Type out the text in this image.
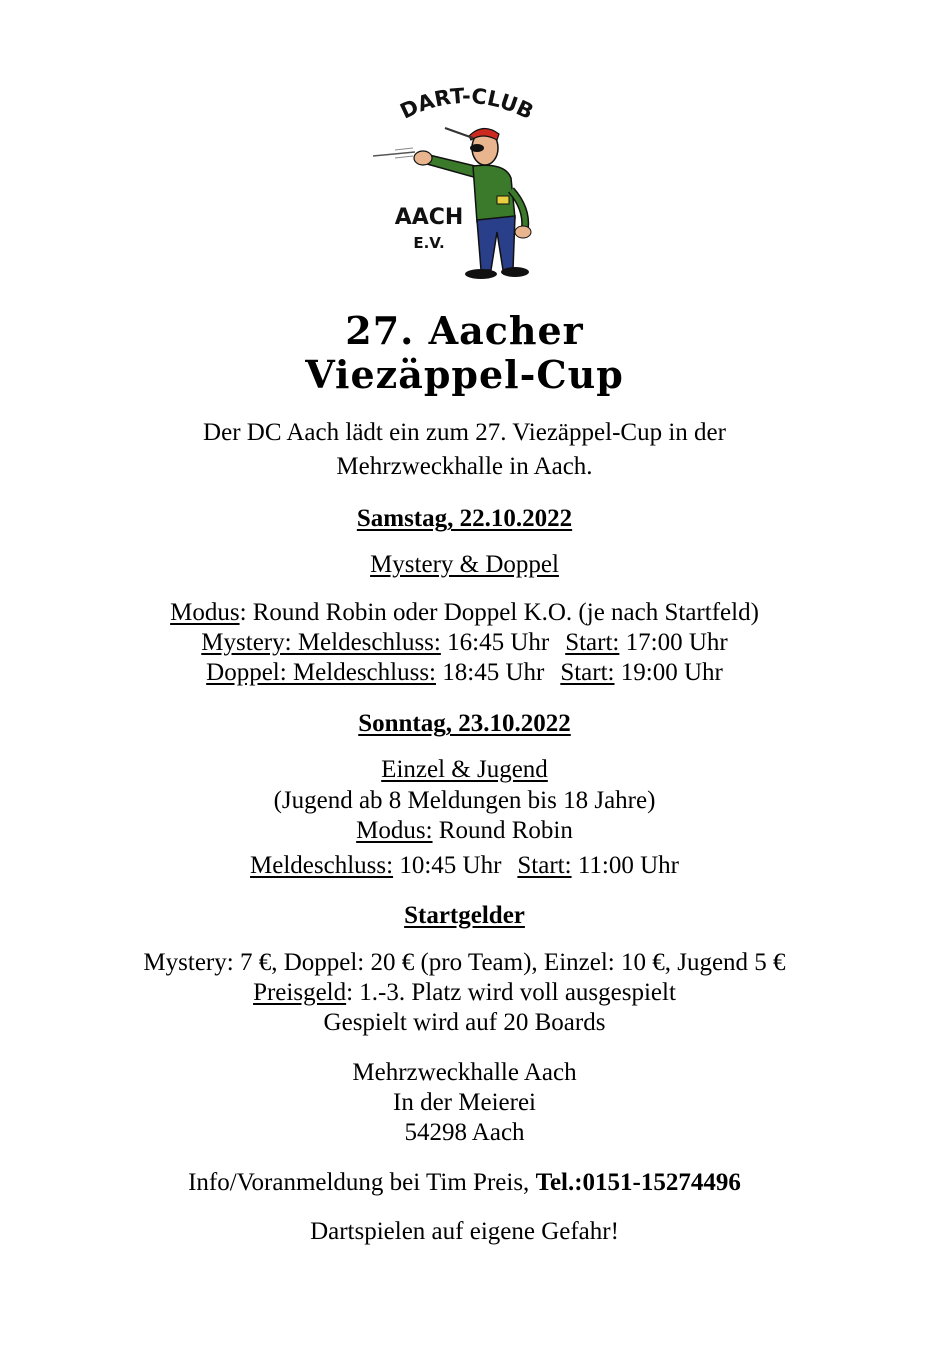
DART-CLUB
AACH
E.V.
27. Aacher
Viezäppel-Cup
Der DC Aach lädt ein zum 27. Viezäppel-Cup in der
Mehrzweckhalle in Aach.
Samstag, 22.10.2022
Mystery & Doppel
Modus: Round Robin oder Doppel K.O. (je nach Startfeld)
Mystery: Meldeschluss: 16:45 Uhr Start: 17:00 Uhr
Doppel: Meldeschluss: 18:45 Uhr Start: 19:00 Uhr
Sonntag, 23.10.2022
Einzel & Jugend
(Jugend ab 8 Meldungen bis 18 Jahre)
Modus: Round Robin
Meldeschluss: 10:45 Uhr Start: 11:00 Uhr
Startgelder
Mystery: 7 €, Doppel: 20 € (pro Team), Einzel: 10 €, Jugend 5 €
Preisgeld: 1.-3. Platz wird voll ausgespielt
Gespielt wird auf 20 Boards
Mehrzweckhalle Aach
In der Meierei
54298 Aach
Info/Voranmeldung bei Tim Preis, Tel.:0151-15274496
Dartspielen auf eigene Gefahr!
